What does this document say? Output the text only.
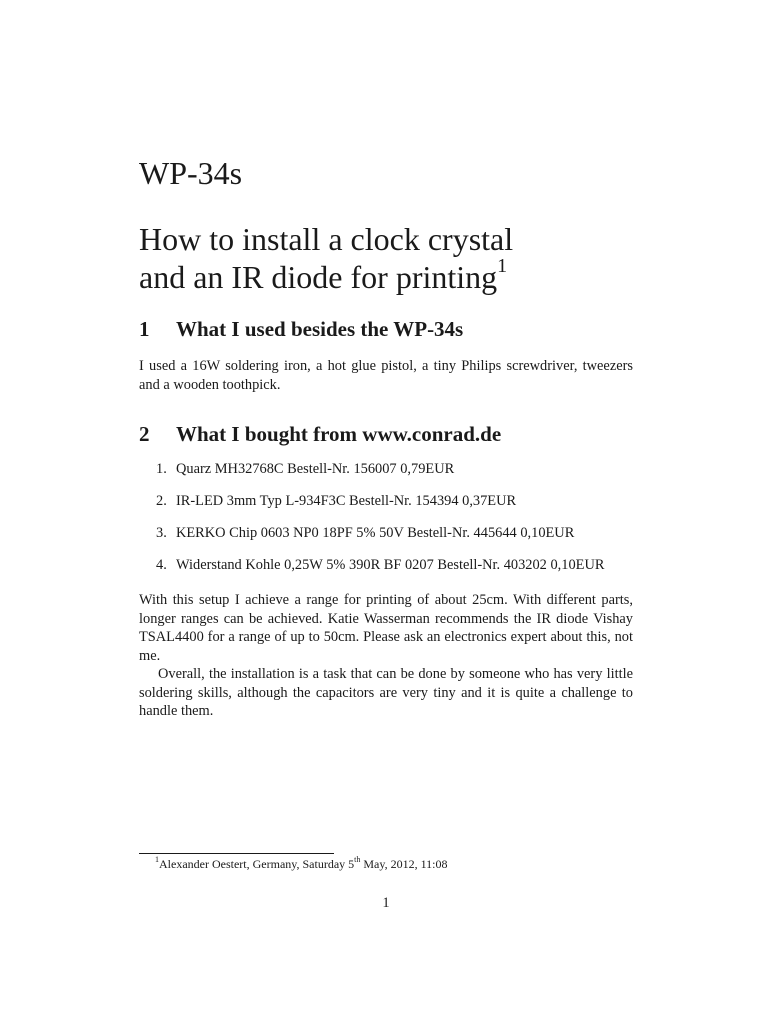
WP-34s
How to install a clock crystal
and an IR diode for printing$^1$
1 What I used besides the WP-34s

I used a 16W soldering iron, a hot glue pistol, a tiny Philips screwdriver, tweezers and a wooden toothpick.

2 What I bought from www.conrad.de
1. Quarz MH32768C Bestell-Nr. 156007 0,79EUR
2. IR-LED 3mm Typ L-934F3C Bestell-Nr. 154394 0,37EUR
3. KERKO Chip 0603 NP0 18PF 5% 50V Bestell-Nr. 445644 0,10EUR
4. Widerstand Kohle 0,25W 5% 390R BF 0207 Bestell-Nr. 403202 0,10EUR

With this setup I achieve a range for printing of about 25cm. With different parts, longer ranges can be achieved. Katie Wasserman recommends the IR diode Vishay TSAL4400 for a range of up to 50cm. Please ask an electronics expert about this, not me.

Overall, the installation is a task that can be done by someone who has very little soldering skills, although the capacitors are very tiny and it is quite a challenge to handle them.

$^1$Alexander Oestert, Germany, Saturday 5th May, 2012, 11:08

1
